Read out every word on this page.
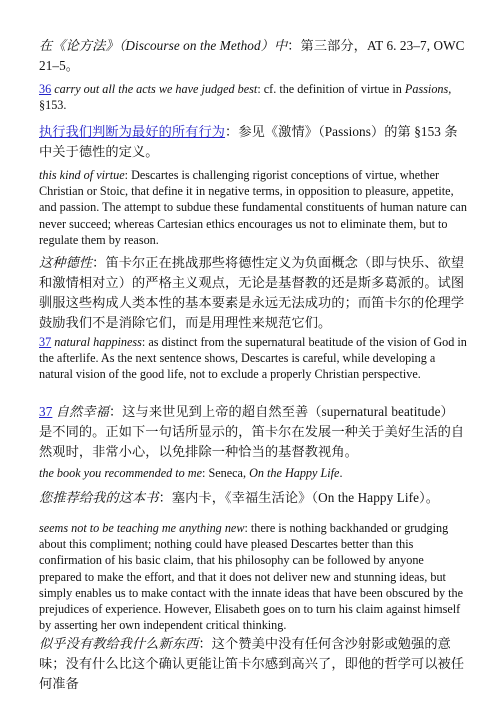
在《论方法》（Discourse on the Method）中：第三部分，AT 6. 23–7, OWC 21–5。

36 carry out all the acts we have judged best: cf. the definition of virtue in Passions, §153.

执行我们判断为最好的所有行为：参见《激情》（Passions）的第 §153 条中关于德性的定义。

this kind of virtue: Descartes is challenging rigorist conceptions of virtue, whether Christian or Stoic, that define it in negative terms, in opposition to pleasure, appetite, and passion. The attempt to subdue these fundamental constituents of human nature can never succeed; whereas Cartesian ethics encourages us not to eliminate them, but to regulate them by reason.

这种德性：笛卡尔正在挑战那些将德性定义为负面概念（即与快乐、欲望和激情相对立）的严格主义观点，无论是基督教的还是斯多葛派的。试图驯服这些构成人类本性的基本要素是永远无法成功的；而笛卡尔的伦理学鼓励我们不是消除它们，而是用理性来规范它们。

37 natural happiness: as distinct from the supernatural beatitude of the vision of God in the afterlife. As the next sentence shows, Descartes is careful, while developing a natural vision of the good life, not to exclude a properly Christian perspective.

37 自然幸福：这与来世见到上帝的超自然至善（supernatural beatitude）是不同的。正如下一句话所显示的，笛卡尔在发展一种关于美好生活的自然观时，非常小心，以免排除一种恰当的基督教视角。

the book you recommended to me: Seneca, On the Happy Life.

您推荐给我的这本书：塞内卡，《幸福生活论》（On the Happy Life）。

seems not to be teaching me anything new: there is nothing backhanded or grudging about this compliment; nothing could have pleased Descartes better than this confirmation of his basic claim, that his philosophy can be followed by anyone prepared to make the effort, and that it does not deliver new and stunning ideas, but simply enables us to make contact with the innate ideas that have been obscured by the prejudices of experience. However, Elisabeth goes on to turn his claim against himself by asserting her own independent critical thinking.

似乎没有教给我什么新东西：这个赞美中没有任何含沙射影或勉强的意味；没有什么比这个确认更能让笛卡尔感到高兴了，即他的哲学可以被任何准备
